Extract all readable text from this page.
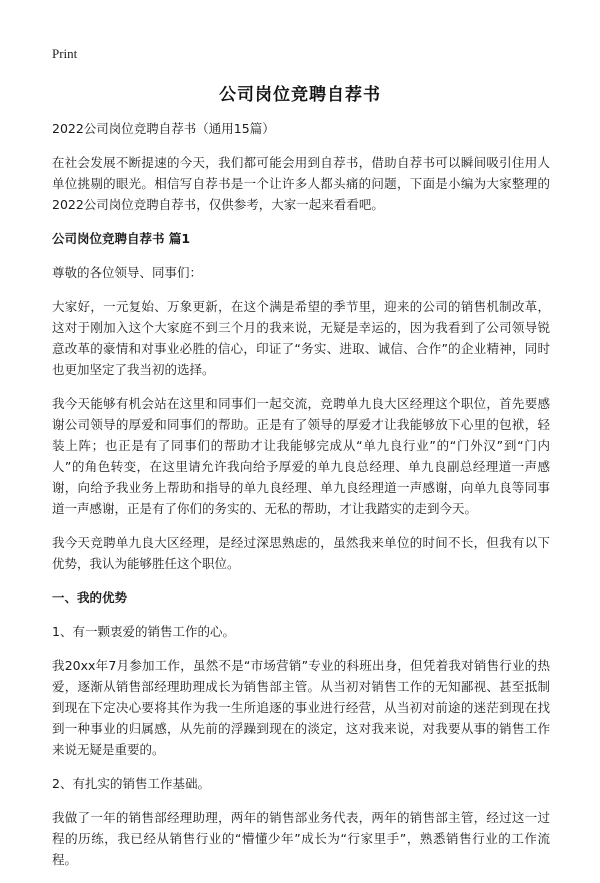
Print
公司岗位竞聘自荐书

2022公司岗位竞聘自荐书（通用15篇）

在社会发展不断提速的今天，我们都可能会用到自荐书，借助自荐书可以瞬间吸引住用人单位挑剔的眼光。相信写自荐书是一个让许多人都头痛的问题，下面是小编为大家整理的2022公司岗位竞聘自荐书，仅供参考，大家一起来看看吧。

公司岗位竞聘自荐书 篇1

尊敬的各位领导、同事们：

大家好，一元复始、万象更新，在这个满是希望的季节里，迎来的公司的销售机制改革，这对于刚加入这个大家庭不到三个月的我来说，无疑是幸运的，因为我看到了公司领导锐意改革的豪情和对事业必胜的信心，印证了“务实、进取、诚信、合作”的企业精神，同时也更加坚定了我当初的选择。

我今天能够有机会站在这里和同事们一起交流，竞聘单九良大区经理这个职位，首先要感谢公司领导的厚爱和同事们的帮助。正是有了领导的厚爱才让我能够放下心里的包袱，轻装上阵；也正是有了同事们的帮助才让我能够完成从“单九良行业”的“门外汉”到“门内人”的角色转变，在这里请允许我向给予厚爱的单九良总经理、单九良副总经理道一声感谢，向给予我业务上帮助和指导的单九良经理、单九良经理道一声感谢，向单九良等同事道一声感谢，正是有了你们的务实的、无私的帮助，才让我踏实的走到今天。

我今天竞聘单九良大区经理，是经过深思熟虑的，虽然我来单位的时间不长，但我有以下优势，我认为能够胜任这个职位。

一、我的优势

1、有一颗衷爱的销售工作的心。

我20xx年7月参加工作，虽然不是“市场营销”专业的科班出身，但凭着我对销售行业的热爱，逐渐从销售部经理助理成长为销售部主管。从当初对销售工作的无知鄙视、甚至抵制到现在下定决心要将其作为我一生所追逐的事业进行经营，从当初对前途的迷茫到现在找到一种事业的归属感，从先前的浮躁到现在的淡定，这对我来说，对我要从事的销售工作来说无疑是重要的。

2、有扎实的销售工作基础。

我做了一年的销售部经理助理，两年的销售部业务代表，两年的销售部主管，经过这一过程的历练，我已经从销售行业的“懵懂少年”成长为“行家里手”，熟悉销售行业的工作流程。
